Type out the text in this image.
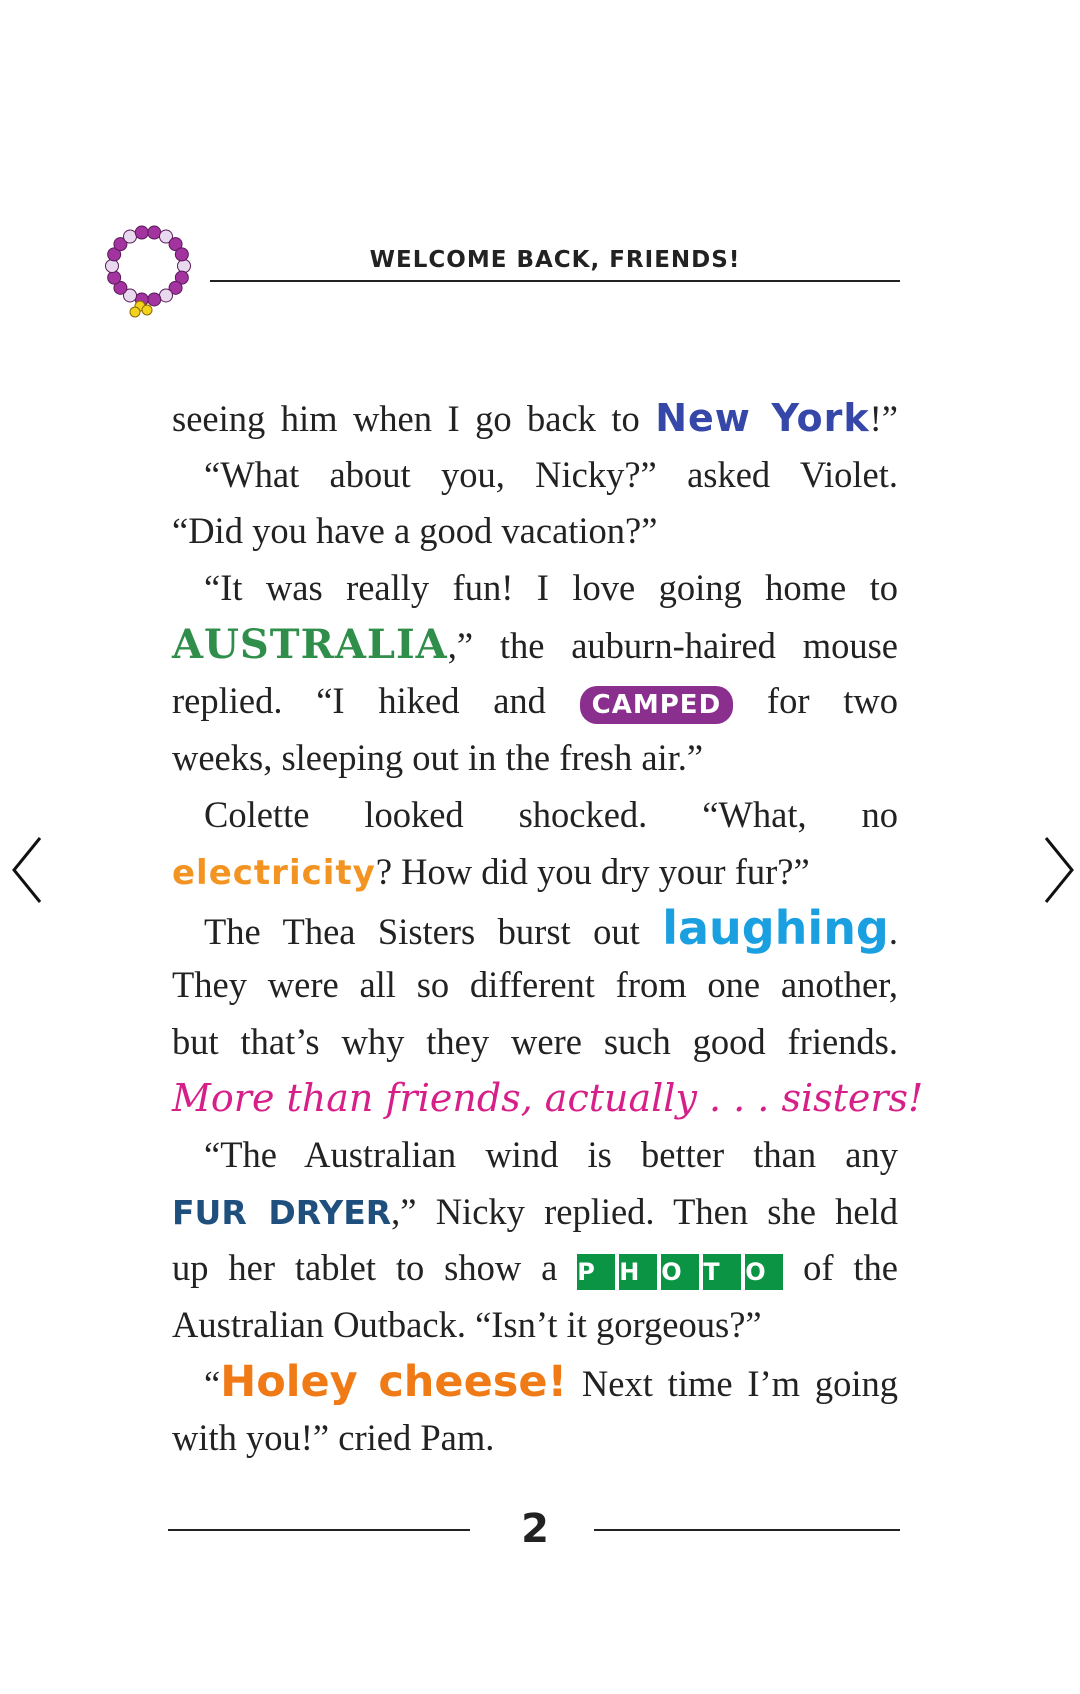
WELCOME BACK, FRIENDS!
seeing him when I go back to New York!”
“What about you, Nicky?” asked Violet.
“Did you have a good vacation?”
“It was really fun! I love going home to
AUSTRALIA,” the auburn-haired mouse
replied. “I hiked and CAMPED for two
weeks, sleeping out in the fresh air.”
Colette looked shocked. “What, no
electricity? How did you dry your fur?”
The Thea Sisters burst out laughing.
They were all so different from one another,
but that’s why they were such good friends.
More than friends, actually . . . sisters!
“The Australian wind is better than any
FUR DRYER,” Nicky replied. Then she held
up her tablet to show a P	H O T	O of the
Australian Outback. “Isn’t it gorgeous?”
“Holey cheese! Next time I’m going
with you!” cried Pam.
2
